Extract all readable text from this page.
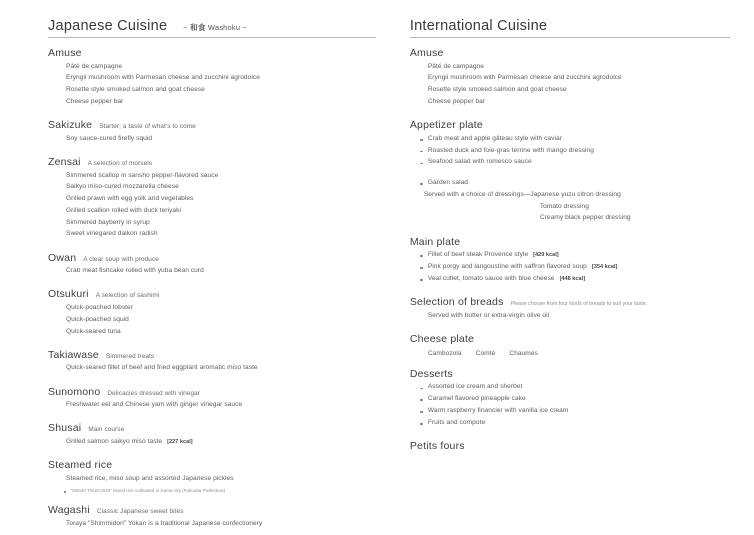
Japanese Cuisine ~ 和食 Washoku ~
Amuse
Pâté de campagne
Eryngii mushroom with Parmesan cheese and zucchini agrodolce
Rosette style smoked salmon and goat cheese
Cheese pepper bar
Sakizuke Starter; a taste of what's to come
Soy sauce-cured firefly squid
Zensai A selection of morsels
Simmered scallop in sansho pepper-flavored sauce
Saikyo miso-cured mozzarella cheese
Grilled prawn with egg yolk and vegetables
Grilled scallion rolled with duck teriyaki
Simmered bayberry in syrup
Sweet vinegared daikon radish
Owan A clear soup with produce
Crab meat fishcake rolled with yuba bean curd
Otsukuri A selection of sashimi
Quick-poached lobster
Quick-poached squid
Quick-seared tuna
Takiawase Simmered treats
Quick-seared fillet of beef and fried eggplant aromatic miso taste
Sunomono Delicacies dressed with vinegar
Freshwater eel and Chinese yam with ginger vinegar sauce
Shusai Main course
Grilled salmon saikyo miso taste [227 kcal]
Steamed rice
Steamed rice, miso soup and assorted Japanese pickles
"GENKI TSUKUSHI" brand rice cultivated in Kama-city (Fukuoka Prefecture)
Wagashi Classic Japanese sweet bites
Toraya "Shimmidori" Yokan is a traditional Japanese confectionery
International Cuisine
Amuse
Pâté de campagne
Eryngii mushroom with Parmesan cheese and zucchini agrodolce
Rosette style smoked salmon and goat cheese
Cheese pepper bar
Appetizer plate
Crab meat and apple gâteau style with caviar
Roasted duck and foie-gras terrine with mango dressing
Seafood salad with romesco sauce
Garden salad
Served with a choice of dressings—Japanese yuzu citron dressing
Tomato dressing
Creamy black pepper dressing
Main plate
Fillet of beef steak Provence style [429 kcal]
Pink porgy and langoustine with saffron flavored soup [354 kcal]
Veal cutlet, tomato sauce with blue cheese [448 kcal]
Selection of breads Please choose from four kinds of breads to suit your taste.
Served with butter or extra-virgin olive oil
Cheese plate
Cambozola Comté Chaumes
Desserts
Assorted ice cream and sherbet
Caramel flavored pineapple cake
Warm raspberry financier with vanilla ice cream
Fruits and compote
Petits fours
